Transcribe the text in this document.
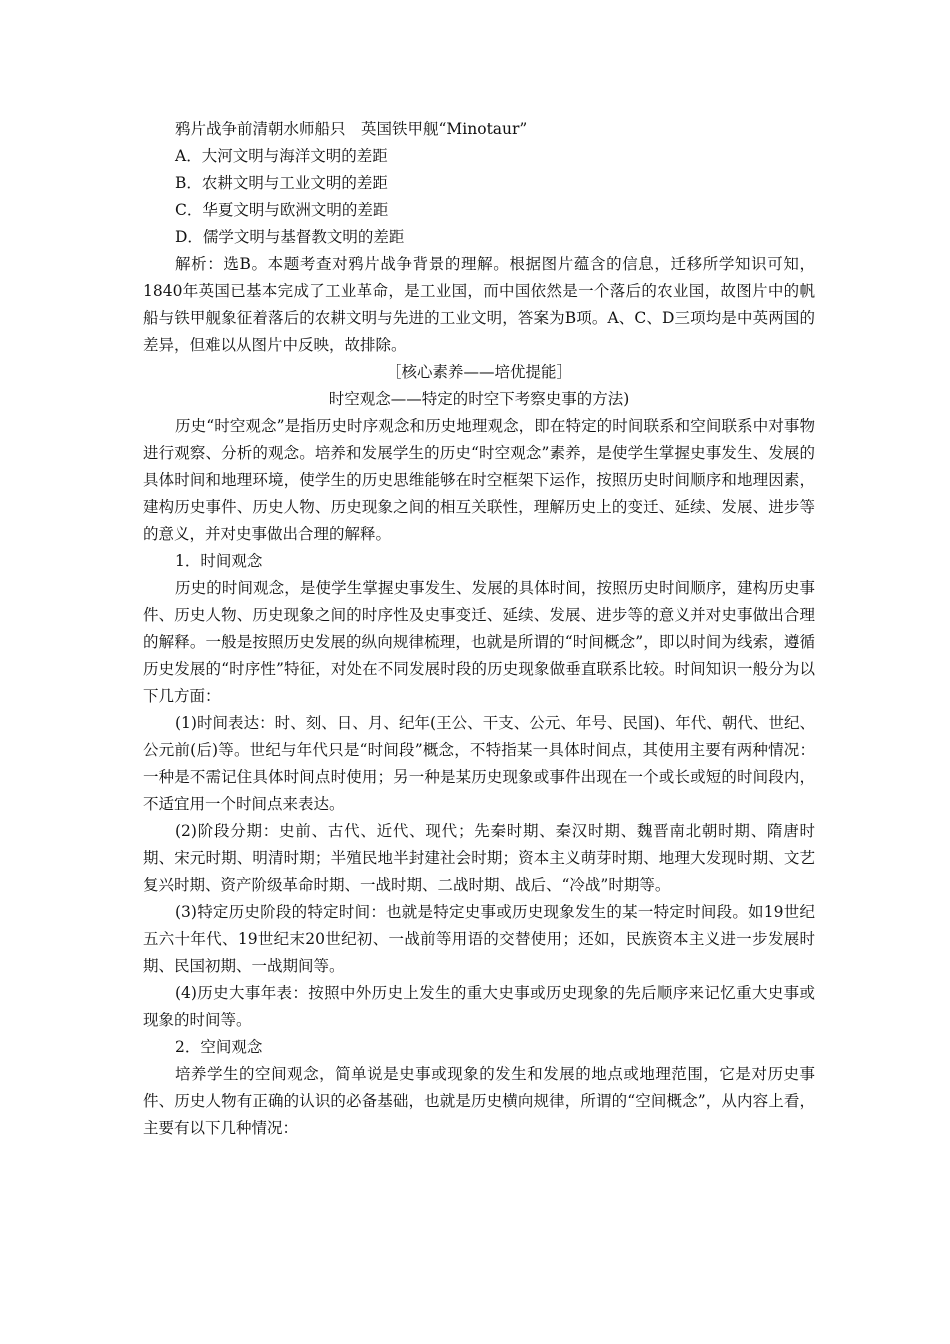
鸦片战争前清朝水师船只　英国铁甲舰“Minotaur”

A．大河文明与海洋文明的差距

B．农耕文明与工业文明的差距

C．华夏文明与欧洲文明的差距

D．儒学文明与基督教文明的差距

解析：选B。本题考查对鸦片战争背景的理解。根据图片蕴含的信息，迁移所学知识可知，1840年英国已基本完成了工业革命，是工业国，而中国依然是一个落后的农业国，故图片中的帆船与铁甲舰象征着落后的农耕文明与先进的工业文明，答案为B项。A、C、D三项均是中英两国的差异，但难以从图片中反映，故排除。

［核心素养——培优提能］

时空观念——特定的时空下考察史事的方法)

历史“时空观念”是指历史时序观念和历史地理观念，即在特定的时间联系和空间联系中对事物进行观察、分析的观念。培养和发展学生的历史“时空观念”素养，是使学生掌握史事发生、发展的具体时间和地理环境，使学生的历史思维能够在时空框架下运作，按照历史时间顺序和地理因素，建构历史事件、历史人物、历史现象之间的相互关联性，理解历史上的变迁、延续、发展、进步等的意义，并对史事做出合理的解释。

1．时间观念

历史的时间观念，是使学生掌握史事发生、发展的具体时间，按照历史时间顺序，建构历史事件、历史人物、历史现象之间的时序性及史事变迁、延续、发展、进步等的意义并对史事做出合理的解释。一般是按照历史发展的纵向规律梳理，也就是所谓的“时间概念”，即以时间为线索，遵循历史发展的“时序性”特征，对处在不同发展时段的历史现象做垂直联系比较。时间知识一般分为以下几方面：

(1)时间表达：时、刻、日、月、纪年(王公、干支、公元、年号、民国)、年代、朝代、世纪、公元前(后)等。世纪与年代只是“时间段”概念，不特指某一具体时间点，其使用主要有两种情况：一种是不需记住具体时间点时使用；另一种是某历史现象或事件出现在一个或长或短的时间段内，不适宜用一个时间点来表达。

(2)阶段分期：史前、古代、近代、现代；先秦时期、秦汉时期、魏晋南北朝时期、隋唐时期、宋元时期、明清时期；半殖民地半封建社会时期；资本主义萌芽时期、地理大发现时期、文艺复兴时期、资产阶级革命时期、一战时期、二战时期、战后、“冷战”时期等。

(3)特定历史阶段的特定时间：也就是特定史事或历史现象发生的某一特定时间段。如19世纪五六十年代、19世纪末20世纪初、一战前等用语的交替使用；还如，民族资本主义进一步发展时期、民国初期、一战期间等。

(4)历史大事年表：按照中外历史上发生的重大史事或历史现象的先后顺序来记忆重大史事或现象的时间等。

2．空间观念

培养学生的空间观念，简单说是史事或现象的发生和发展的地点或地理范围，它是对历史事件、历史人物有正确的认识的必备基础，也就是历史横向规律，所谓的“空间概念”，从内容上看，主要有以下几种情况：
